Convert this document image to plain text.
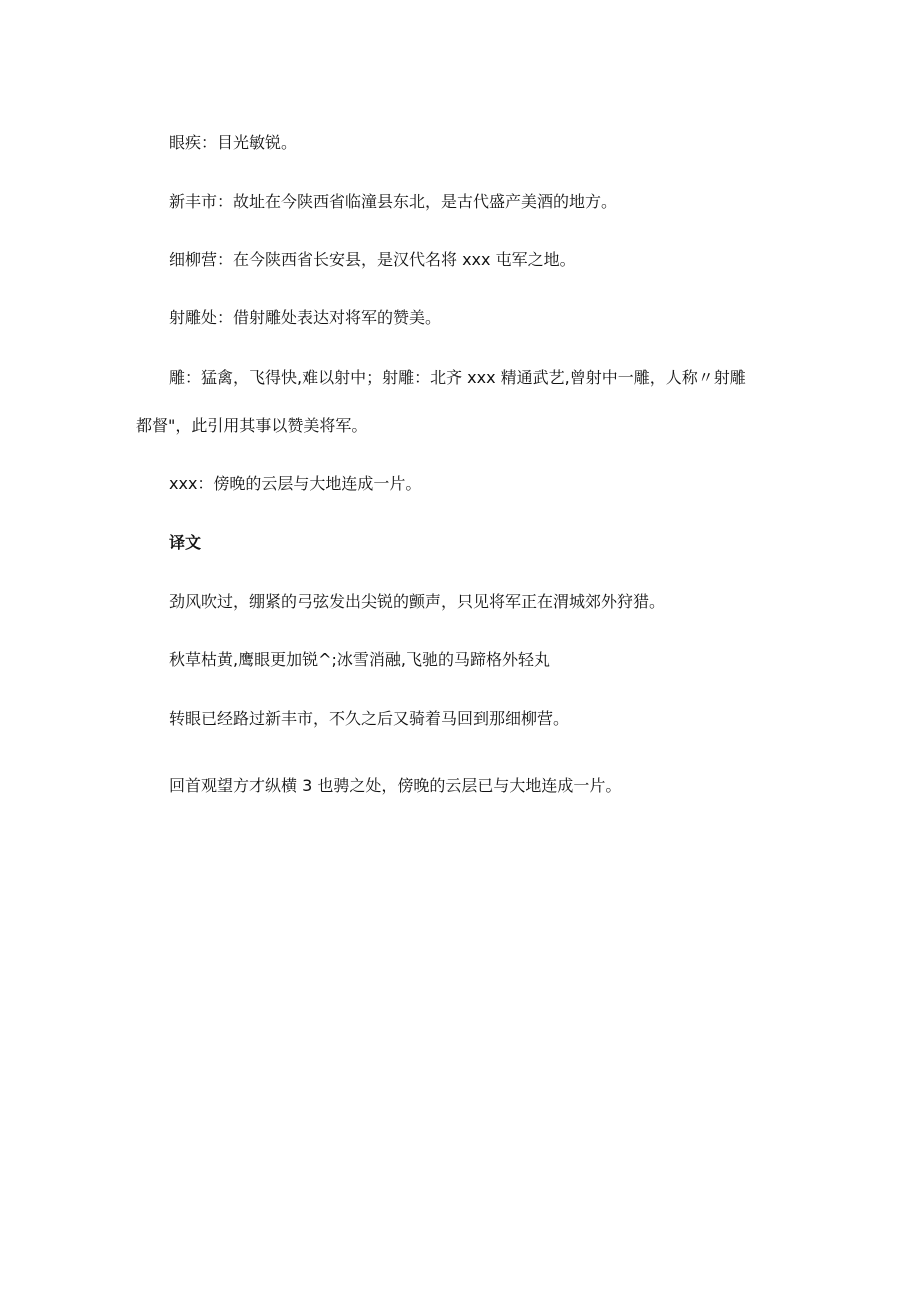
眼疾：目光敏锐。
新丰市：故址在今陕西省临潼县东北，是古代盛产美酒的地方。
细柳营：在今陕西省长安县，是汉代名将 xxx 屯军之地。
射雕处：借射雕处表达对将军的赞美。
雕：猛禽，飞得快,难以射中；射雕：北齐 xxx 精通武艺,曾射中一雕，人称〃射雕
都督"，此引用其事以赞美将军。
xxx：傍晚的云层与大地连成一片。
译文
劲风吹过，绷紧的弓弦发出尖锐的颤声，只见将军正在渭城郊外狩猎。
秋草枯黄,鹰眼更加锐^;冰雪消融,飞驰的马蹄格外轻丸
转眼已经路过新丰市，不久之后又骑着马回到那细柳营。
回首观望方才纵横 3 也骋之处，傍晚的云层已与大地连成一片。
